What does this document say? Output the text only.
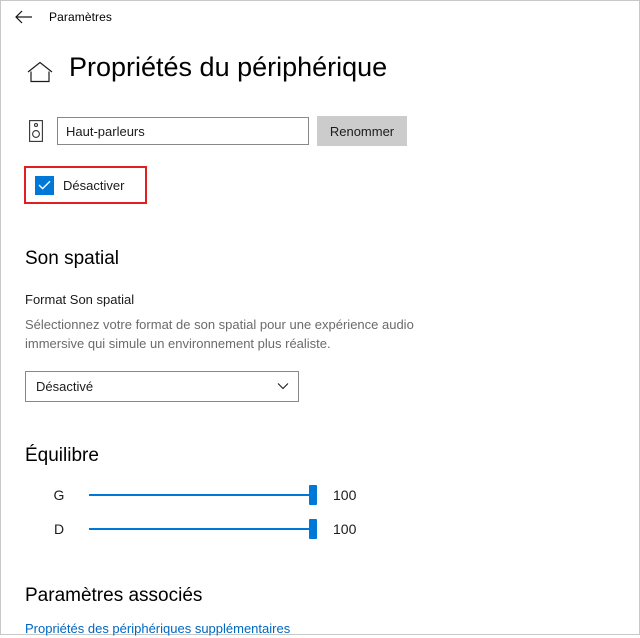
Paramètres
Propriétés du périphérique
Haut-parleurs
Renommer
Désactiver
Son spatial
Format Son spatial
Sélectionnez votre format de son spatial pour une expérience audio immersive qui simule un environnement plus réaliste.
Désactivé
Équilibre
G	100
D	100
Paramètres associés
Propriétés des périphériques supplémentaires
